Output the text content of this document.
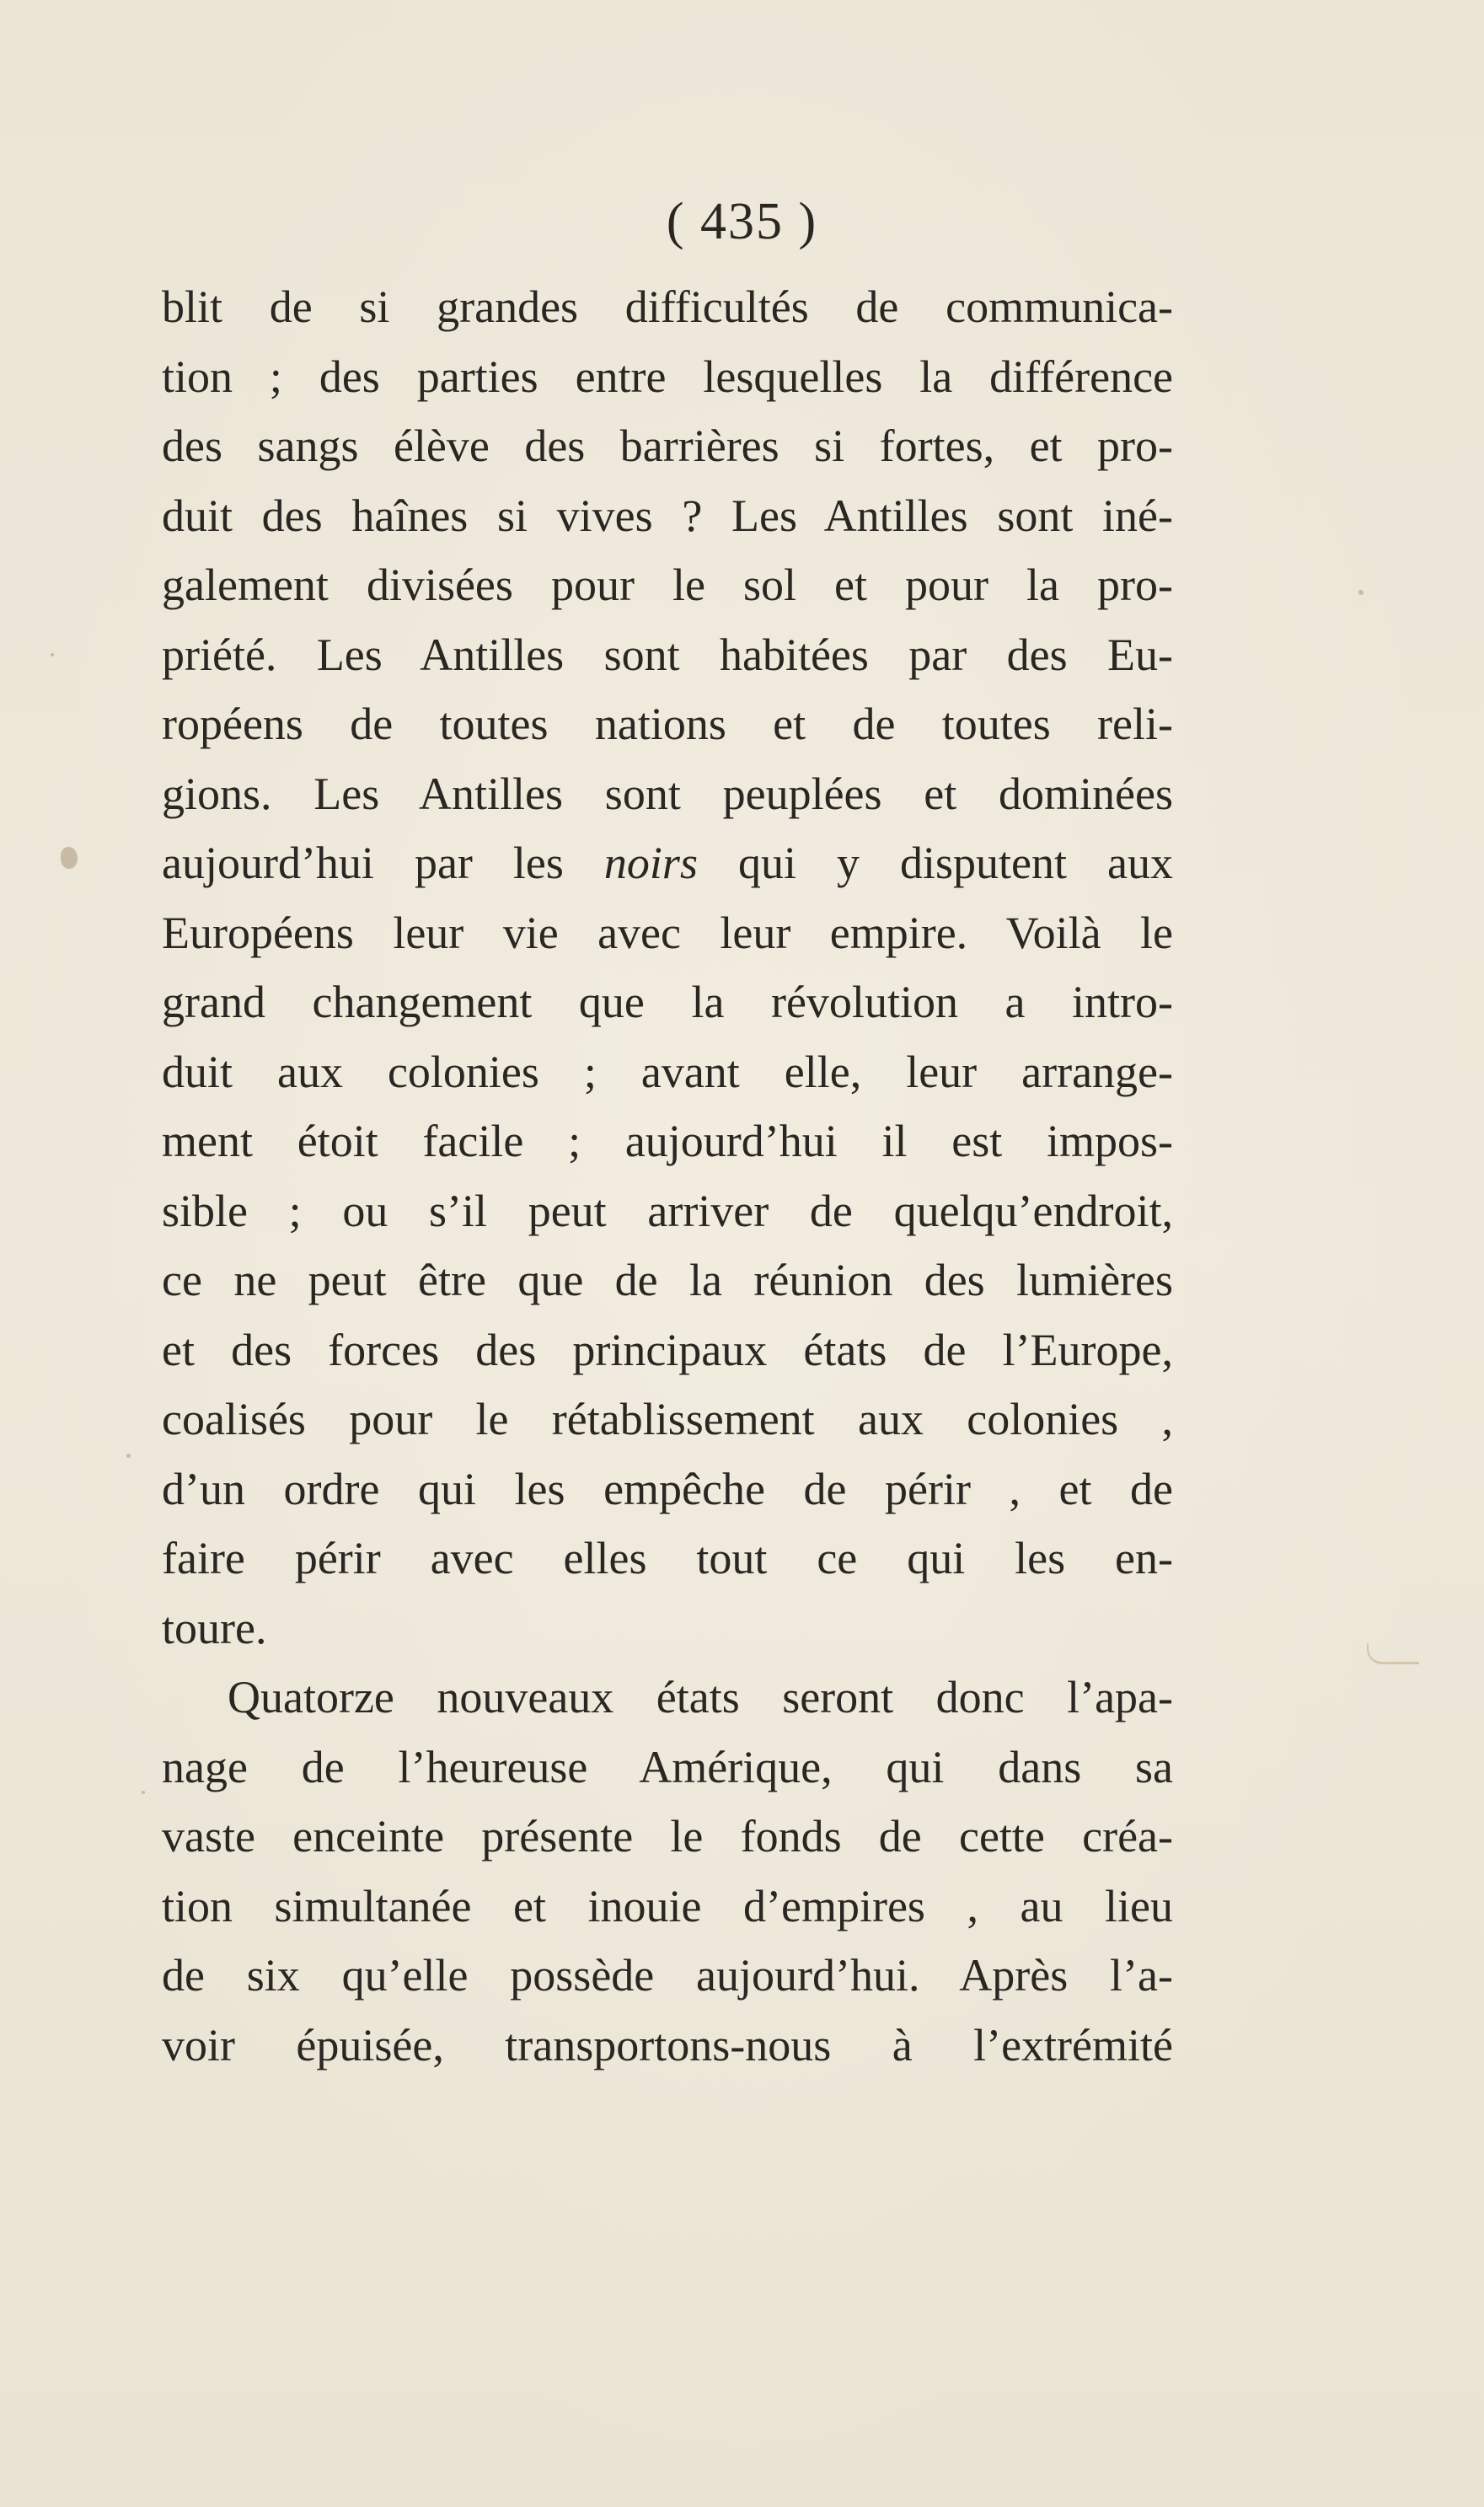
( 435 )
blit de si grandes difficultés de communica-
tion ; des parties entre lesquelles la différence
des sangs élève des barrières si fortes, et pro-
duit des haînes si vives ? Les Antilles sont iné-
galement divisées pour le sol et pour la pro-
priété. Les Antilles sont habitées par des Eu-
ropéens de toutes nations et de toutes reli-
gions. Les Antilles sont peuplées et dominées
aujourd’hui par les noirs qui y disputent aux
Européens leur vie avec leur empire. Voilà le
grand changement que la révolution a intro-
duit aux colonies ; avant elle, leur arrange-
ment étoit facile ; aujourd’hui il est impos-
sible ; ou s’il peut arriver de quelqu’endroit,
ce ne peut être que de la réunion des lumières
et des forces des principaux états de l’Europe,
coalisés pour le rétablissement aux colonies ,
d’un ordre qui les empêche de périr , et de
faire périr avec elles tout ce qui les en-
toure.
Quatorze nouveaux états seront donc l’apa-
nage de l’heureuse Amérique, qui dans sa
vaste enceinte présente le fonds de cette créa-
tion simultanée et inouie d’empires , au lieu
de six qu’elle possède aujourd’hui. Après l’a-
voir épuisée, transportons-nous à l’extrémité
